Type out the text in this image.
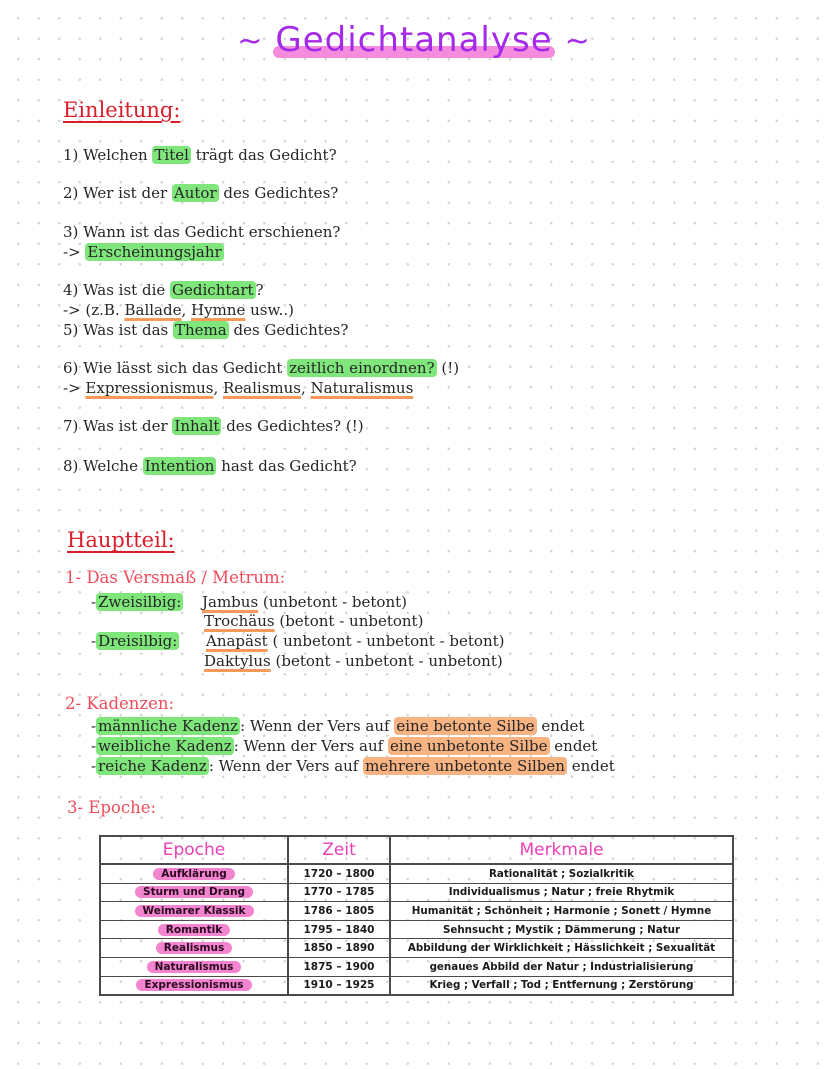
~ Gedichtanalyse ~
Einleitung:
1) Welchen Titel trägt das Gedicht?
2) Wer ist der Autor des Gedichtes?
3) Wann ist das Gedicht erschienen?
-> Erscheinungsjahr
4) Was ist die Gedichtart ?
-> (z.B. Ballade, Hymne usw..)
5) Was ist das Thema des Gedichtes?
6) Wie lässt sich das Gedicht zeitlich einordnen? (!)
-> Expressionismus, Realismus, Naturalismus
7) Was ist der Inhalt des Gedichtes? (!)
8) Welche Intention hast das Gedicht?
Hauptteil:
1- Das Versmaß / Metrum:
- Zweisilbig: Jambus (unbetont - betont)
Trochäus (betont - unbetont)
- Dreisilbig: Anapäst ( unbetont - unbetont - betont)
Daktylus (betont - unbetont - unbetont)
2- Kadenzen:
- männliche Kadenz : Wenn der Vers auf eine betonte Silbe endet
- weibliche Kadenz : Wenn der Vers auf eine unbetonte Silbe endet
- reiche Kadenz : Wenn der Vers auf mehrere unbetonte Silben endet
3- Epoche:
Epoche	Zeit	Merkmale
Aufklärung	1720 – 1800	Rationalität ; Sozialkritik
Sturm und Drang	1770 – 1785	Individualismus ; Natur ; freie Rhytmik
Weimarer Klassik	1786 – 1805	Humanität ; Schönheit ; Harmonie ; Sonett / Hymne
Romantik	1795 – 1840	Sehnsucht ; Mystik ; Dämmerung ; Natur
Realismus	1850 – 1890	Abbildung der Wirklichkeit ; Hässlichkeit ; Sexualität
Naturalismus	1875 – 1900	genaues Abbild der Natur ; Industrialisierung
Expressionismus	1910 – 1925	Krieg ; Verfall ; Tod ; Entfernung ; Zerstörung
